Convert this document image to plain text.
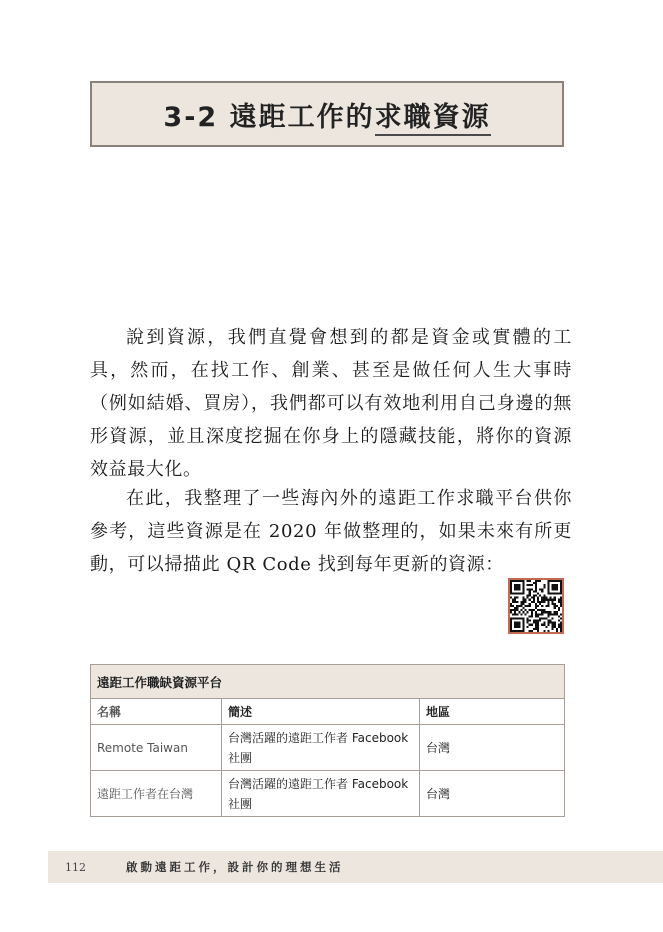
3-2 遠距工作的求職資源

說到資源，我們直覺會想到的都是資金或實體的工具，然而，在找工作、創業、甚至是做任何人生大事時（例如結婚、買房），我們都可以有效地利用自己身邊的無形資源，並且深度挖掘在你身上的隱藏技能，將你的資源效益最大化。

在此，我整理了一些海內外的遠距工作求職平台供你參考，這些資源是在 2020 年做整理的，如果未來有所更動，可以掃描此 QR Code 找到每年更新的資源：

遠距工作職缺資源平台		
名稱	簡述	地區
Remote Taiwan	台灣活躍的遠距工作者 Facebook 社團	台灣
遠距工作者在台灣	台灣活躍的遠距工作者 Facebook 社團	台灣
112	啟動遠距工作，設計你的理想生活
